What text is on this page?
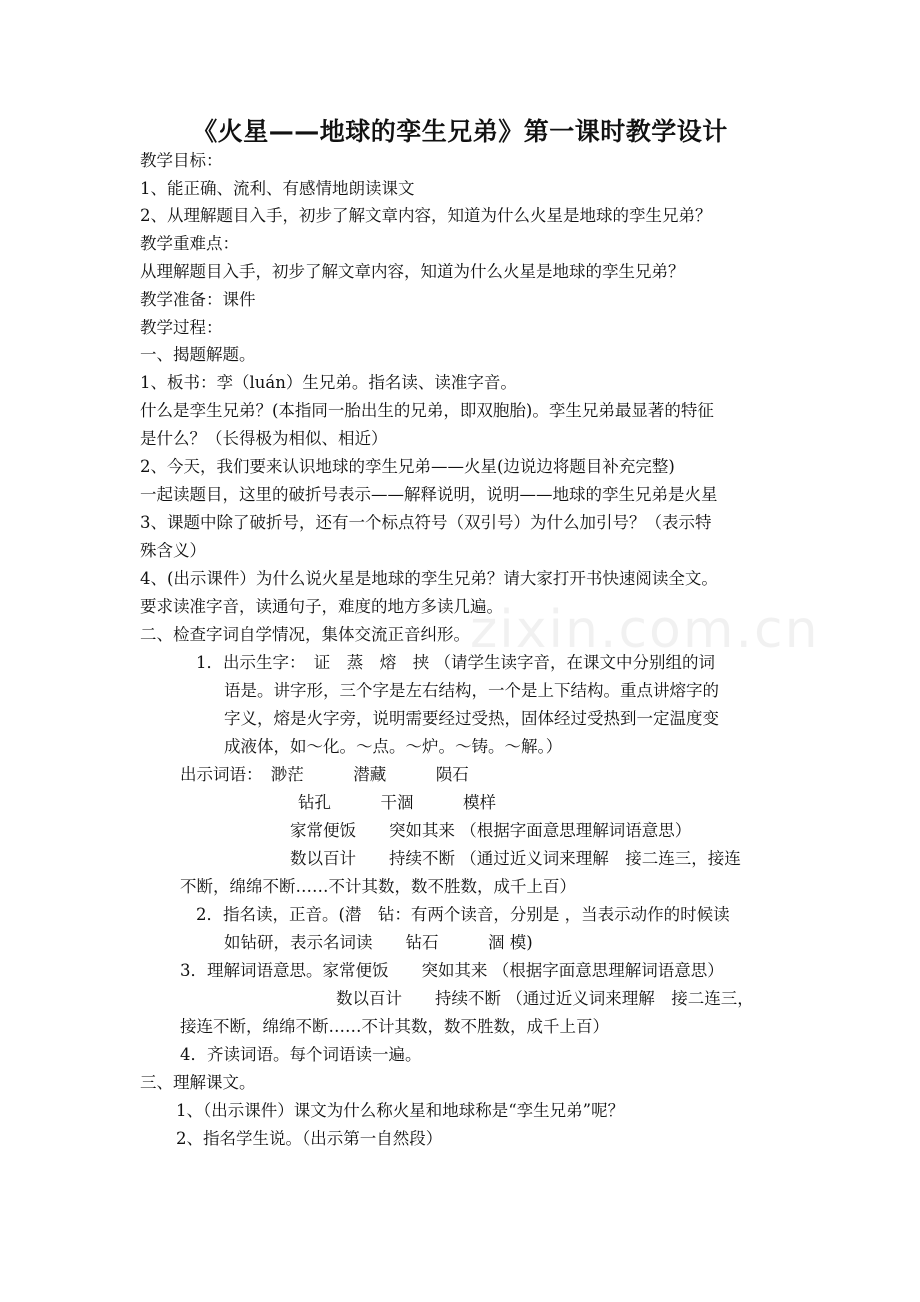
《火星——地球的孪生兄弟》第一课时教学设计
教学目标：
1、能正确、流利、有感情地朗读课文
2、从理解题目入手，初步了解文章内容，知道为什么火星是地球的孪生兄弟？
教学重难点：
从理解题目入手，初步了解文章内容，知道为什么火星是地球的孪生兄弟？
教学准备：课件
教学过程：
一、揭题解题。
1、板书：孪（luán）生兄弟。指名读、读准字音。
什么是孪生兄弟？(本指同一胎出生的兄弟，即双胞胎)。孪生兄弟最显著的特征
是什么？（长得极为相似、相近）
2、今天，我们要来认识地球的孪生兄弟——火星(边说边将题目补充完整)
一起读题目，这里的破折号表示——解释说明，说明——地球的孪生兄弟是火星
3、课题中除了破折号，还有一个标点符号（双引号）为什么加引号？（表示特
殊含义）
4、(出示课件）为什么说火星是地球的孪生兄弟？请大家打开书快速阅读全文。
要求读准字音，读通句子，难度的地方多读几遍。
二、检查字词自学情况，集体交流正音纠形。
1．出示生字：　证　蒸　熔　挟 （请学生读字音，在课文中分别组的词
语是。讲字形，三个字是左右结构，一个是上下结构。重点讲熔字的
字义，熔是火字旁，说明需要经过受热，固体经过受热到一定温度变
成液体，如～化。～点。～炉。～铸。～解。）
出示词语：　渺茫　　　潜藏　　　陨石
钻孔　　　干涸　　　模样
家常便饭　　突如其来 （根据字面意思理解词语意思）
数以百计　　持续不断 （通过近义词来理解　接二连三，接连
不断，绵绵不断……不计其数，数不胜数，成千上百）
2．指名读，正音。(潜　钻：有两个读音，分别是 ，当表示动作的时候读
如钻研，表示名词读　　钻石　　　涸 模)
3．理解词语意思。家常便饭　　突如其来 （根据字面意思理解词语意思）
数以百计　　持续不断 （通过近义词来理解　接二连三，
接连不断，绵绵不断……不计其数，数不胜数，成千上百）
4．齐读词语。每个词语读一遍。
三、理解课文。
1、（出示课件）课文为什么称火星和地球称是“孪生兄弟”呢？
2、指名学生说。（出示第一自然段）
zixin.com.cn
